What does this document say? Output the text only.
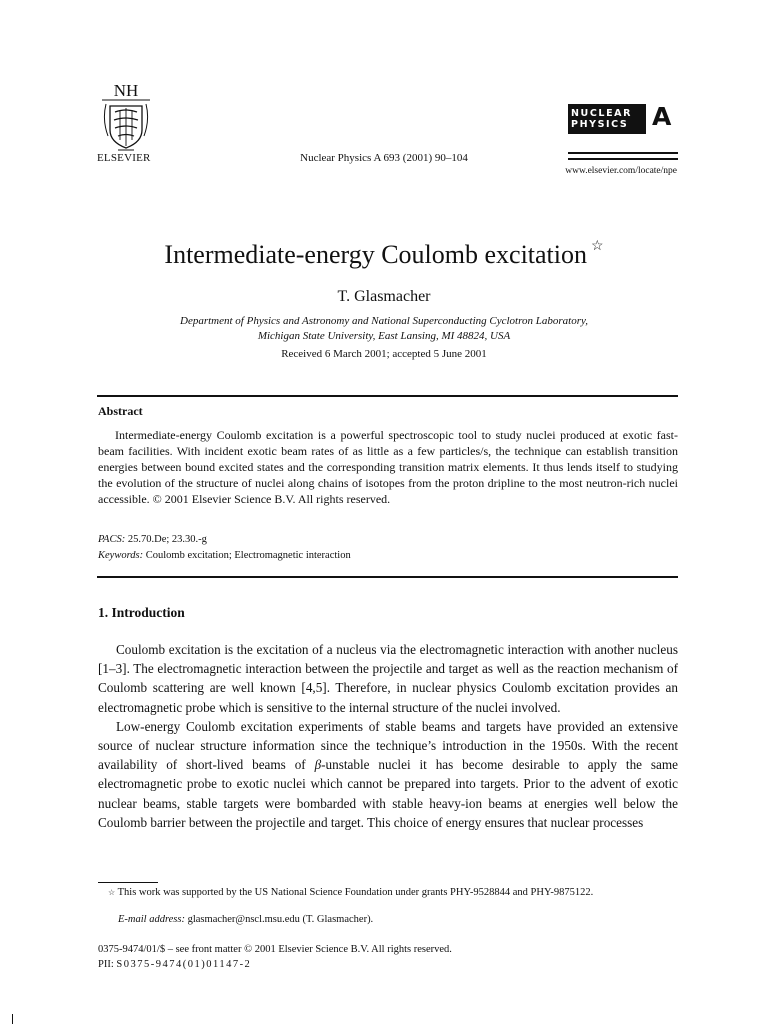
NH
ELSEVIER	Nuclear Physics A 693 (2001) 90–104
NUCLEAR
PHYSICS A
www.elsevier.com/locate/npe
Intermediate-energy Coulomb excitation ☆
T. Glasmacher
Department of Physics and Astronomy and National Superconducting Cyclotron Laboratory,
Michigan State University, East Lansing, MI 48824, USA
Received 6 March 2001; accepted 5 June 2001
Abstract
Intermediate-energy Coulomb excitation is a powerful spectroscopic tool to study nuclei produced at exotic fast-beam facilities. With incident exotic beam rates of as little as a few particles/s, the technique can establish transition energies between bound excited states and the corresponding transition matrix elements. It thus lends itself to studying the evolution of the structure of nuclei along chains of isotopes from the proton dripline to the most neutron-rich nuclei accessible. © 2001 Elsevier Science B.V. All rights reserved.
PACS: 25.70.De; 23.30.-g
Keywords: Coulomb excitation; Electromagnetic interaction
1. Introduction

Coulomb excitation is the excitation of a nucleus via the electromagnetic interaction with another nucleus [1–3]. The electromagnetic interaction between the projectile and target as well as the reaction mechanism of Coulomb scattering are well known [4,5]. Therefore, in nuclear physics Coulomb excitation provides an electromagnetic probe which is sensitive to the internal structure of the nuclei involved.

Low-energy Coulomb excitation experiments of stable beams and targets have provided an extensive source of nuclear structure information since the technique’s introduction in the 1950s. With the recent availability of short-lived beams of β-unstable nuclei it has become desirable to apply the same electromagnetic probe to exotic nuclei which cannot be prepared into targets. Prior to the advent of exotic nuclear beams, stable targets were bombarded with stable heavy-ion beams at energies well below the Coulomb barrier between the projectile and target. This choice of energy ensures that nuclear processes

☆ This work was supported by the US National Science Foundation under grants PHY-9528844 and PHY-9875122.
E-mail address: glasmacher@nscl.msu.edu (T. Glasmacher).
0375-9474/01/$ – see front matter © 2001 Elsevier Science B.V. All rights reserved.
PII: S0375-9474(01)01147-2
